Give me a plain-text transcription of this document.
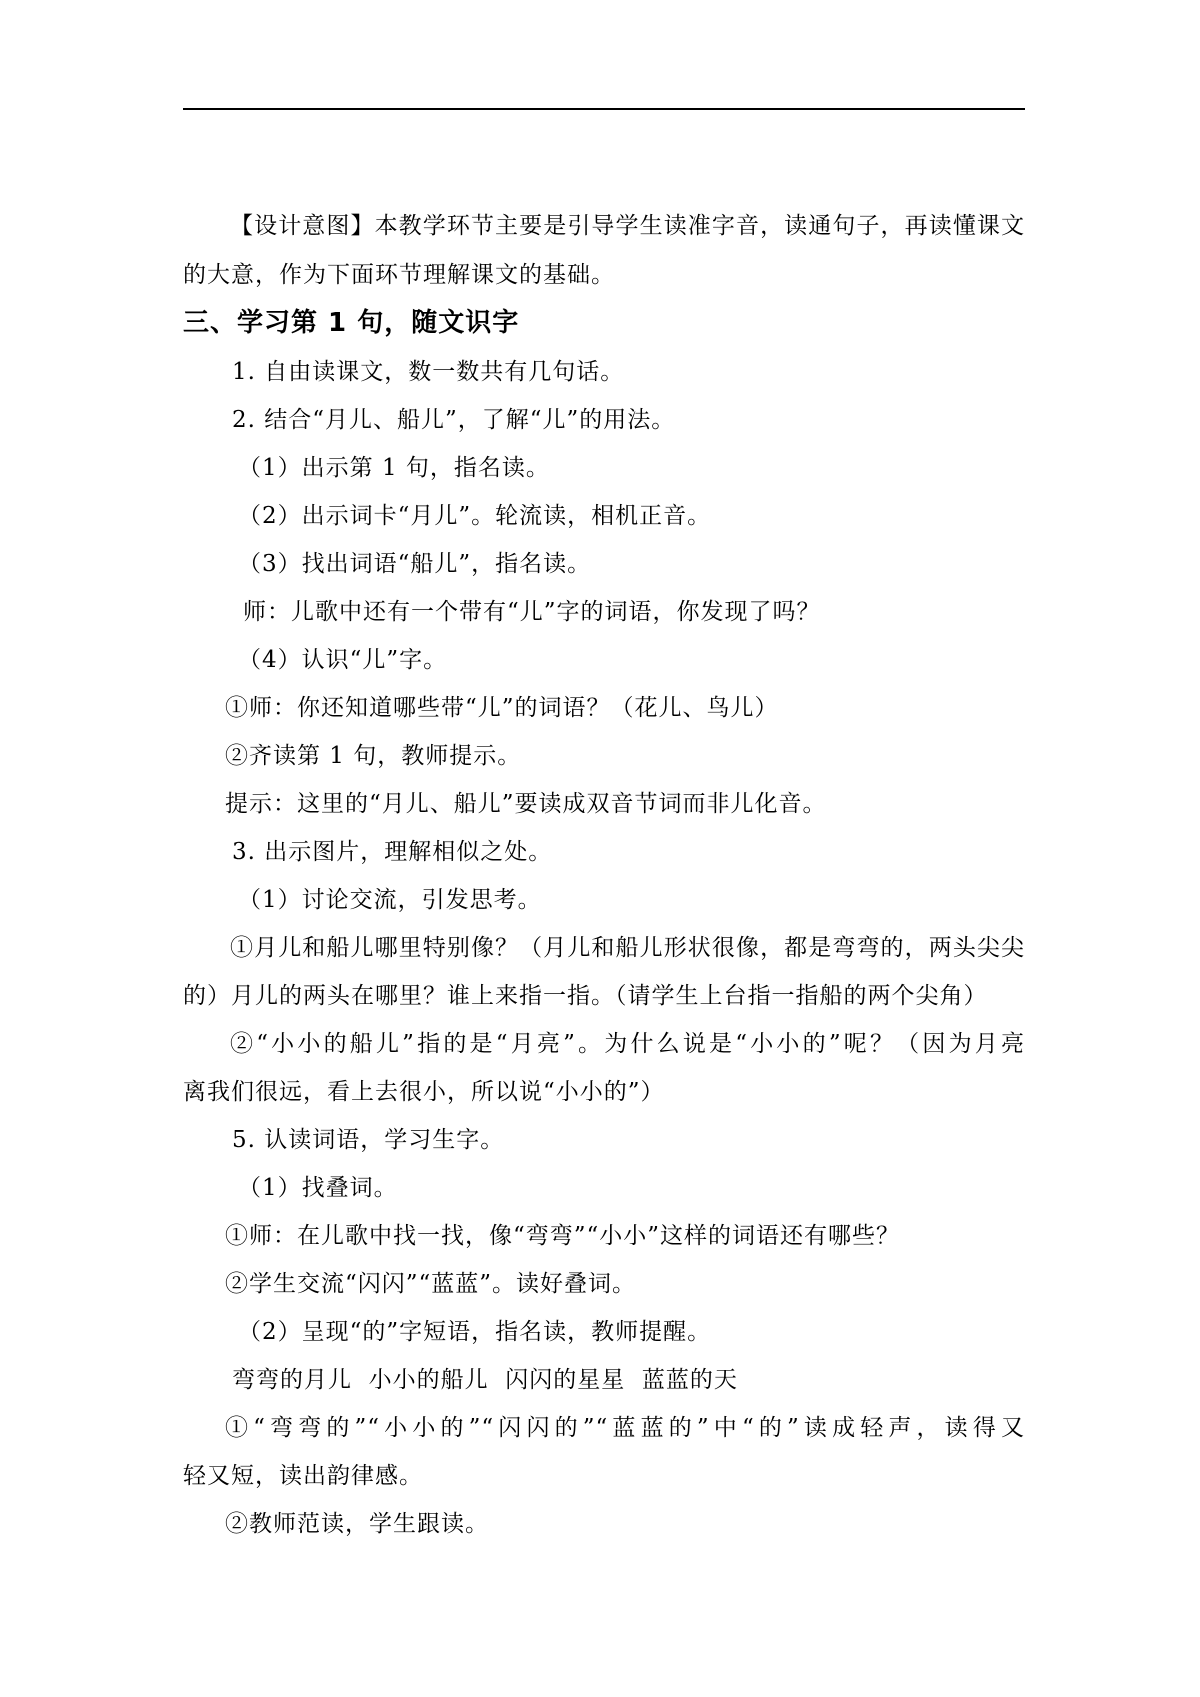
【设计意图】本教学环节主要是引导学生读准字音，读通句子，再读懂课文
的大意，作为下面环节理解课文的基础。
三、学习第 1 句，随文识字
1. 自由读课文，数一数共有几句话。
2. 结合“月儿、船儿”，了解“儿”的用法。
（1）出示第 1 句，指名读。
（2）出示词卡“月儿”。轮流读，相机正音。
（3）找出词语“船儿”，指名读。
师：儿歌中还有一个带有“儿”字的词语，你发现了吗？
（4）认识“儿”字。
①师：你还知道哪些带“儿”的词语？（花儿、鸟儿）
②齐读第 1 句，教师提示。
提示：这里的“月儿、船儿”要读成双音节词而非儿化音。
3. 出示图片，理解相似之处。
（1）讨论交流，引发思考。
①月儿和船儿哪里特别像？（月儿和船儿形状很像，都是弯弯的，两头尖尖
的）月儿的两头在哪里？谁上来指一指。（请学生上台指一指船的两个尖角）
②“小小的船儿”指的是“月亮”。为什么说是“小小的”呢？（因为月亮
离我们很远，看上去很小，所以说“小小的”）
5. 认读词语，学习生字。
（1）找叠词。
①师：在儿歌中找一找，像“弯弯”“小小”这样的词语还有哪些？
②学生交流“闪闪”“蓝蓝”。读好叠词。
（2）呈现“的”字短语，指名读，教师提醒。
弯弯的月儿  小小的船儿  闪闪的星星  蓝蓝的天
①“弯弯的”“小小的”“闪闪的”“蓝蓝的”中“的”读成轻声，读得又
轻又短，读出韵律感。
②教师范读，学生跟读。
